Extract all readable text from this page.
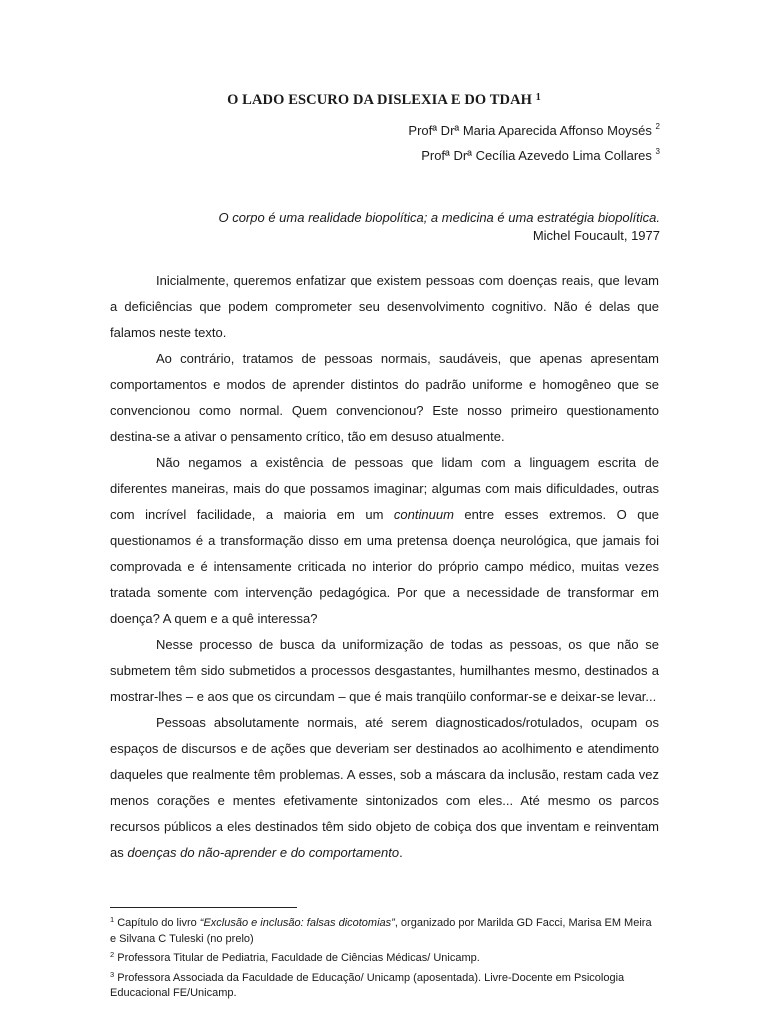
O LADO ESCURO DA DISLEXIA E DO TDAH $^1$
Profª Drª Maria Aparecida Affonso Moysés $^2$
Profª Drª Cecília Azevedo Lima Collares $^3$
O corpo é uma realidade biopolítica; a medicina é uma estratégia biopolítica.
Michel Foucault, 1977

Inicialmente, queremos enfatizar que existem pessoas com doenças reais, que levam a deficiências que podem comprometer seu desenvolvimento cognitivo. Não é delas que falamos neste texto.

Ao contrário, tratamos de pessoas normais, saudáveis, que apenas apresentam comportamentos e modos de aprender distintos do padrão uniforme e homogêneo que se convencionou como normal. Quem convencionou? Este nosso primeiro questionamento destina-se a ativar o pensamento crítico, tão em desuso atualmente.

Não negamos a existência de pessoas que lidam com a linguagem escrita de diferentes maneiras, mais do que possamos imaginar; algumas com mais dificuldades, outras com incrível facilidade, a maioria em um continuum entre esses extremos. O que questionamos é a transformação disso em uma pretensa doença neurológica, que jamais foi comprovada e é intensamente criticada no interior do próprio campo médico, muitas vezes tratada somente com intervenção pedagógica. Por que a necessidade de transformar em doença? A quem e a quê interessa?

Nesse processo de busca da uniformização de todas as pessoas, os que não se submetem têm sido submetidos a processos desgastantes, humilhantes mesmo, destinados a mostrar-lhes – e aos que os circundam – que é mais tranqüilo conformar-se e deixar-se levar...

Pessoas absolutamente normais, até serem diagnosticados/rotulados, ocupam os espaços de discursos e de ações que deveriam ser destinados ao acolhimento e atendimento daqueles que realmente têm problemas. A esses, sob a máscara da inclusão, restam cada vez menos corações e mentes efetivamente sintonizados com eles... Até mesmo os parcos recursos públicos a eles destinados têm sido objeto de cobiça dos que inventam e reinventam as doenças do não-aprender e do comportamento.

$^1$ Capítulo do livro “Exclusão e inclusão: falsas dicotomias”, organizado por Marilda GD Facci, Marisa EM Meira e Silvana C Tuleski (no prelo)
$^2$ Professora Titular de Pediatria, Faculdade de Ciências Médicas/ Unicamp.
$^3$ Professora Associada da Faculdade de Educação/ Unicamp (aposentada). Livre-Docente em Psicologia Educacional FE/Unicamp.
